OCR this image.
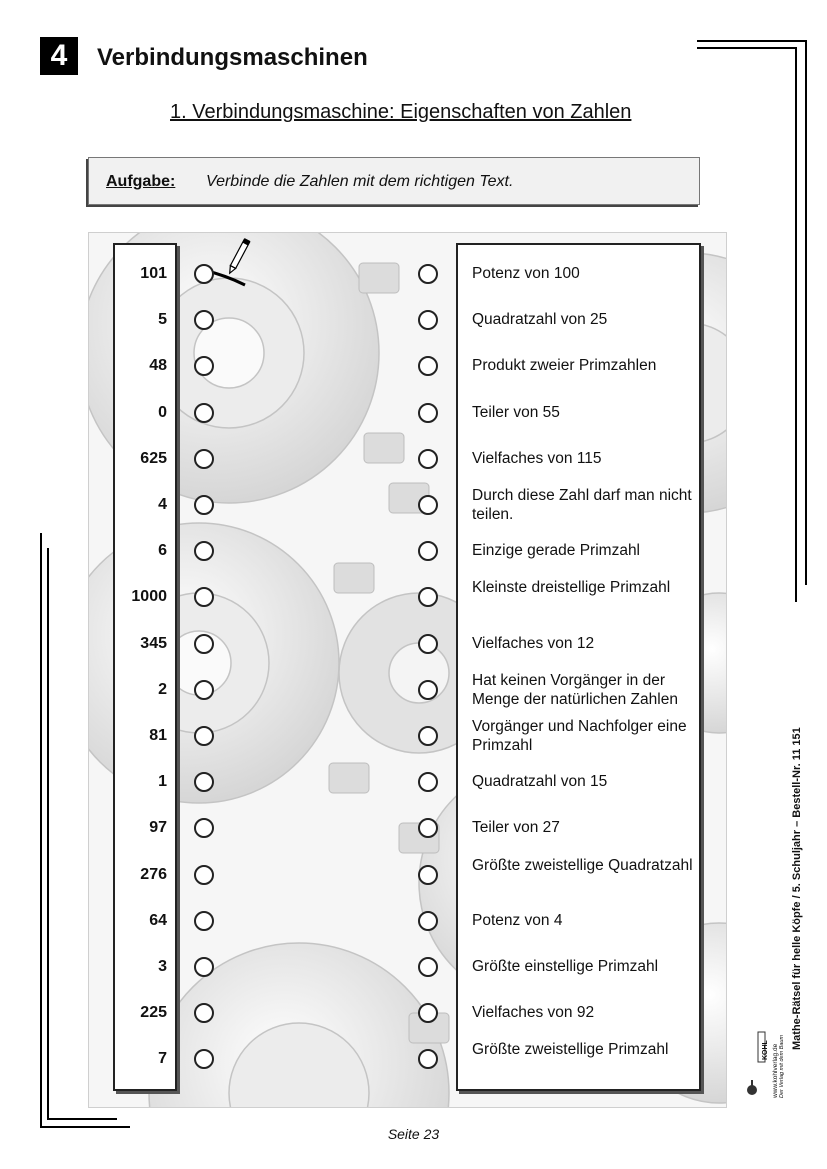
4	Verbindungsmaschinen
1. Verbindungsmaschine: Eigenschaften von Zahlen
Aufgabe: Verbinde die Zahlen mit dem richtigen Text.
101
5
48
0
625
4
6
1000
345
2
81
1
97
276
64
3
225
7
Potenz von 100
Quadratzahl von 25
Produkt zweier Primzahlen
Teiler von 55
Vielfaches von 115
Durch diese Zahl darf man nicht teilen.
Einzige gerade Primzahl
Kleinste dreistellige Primzahl
Vielfaches von 12
Hat keinen Vorgänger in der Menge der natürlichen Zahlen
Vorgänger und Nachfolger eine Primzahl
Quadratzahl von 15
Teiler von 27
Größte zweistellige Quadratzahl
Potenz von 4
Größte einstellige Primzahl
Vielfaches von 92
Größte zweistellige Primzahl	Mathe-Rätsel für helle Köpfe / 5. Schuljahr – Bestell-Nr. 11 151
www.kohlverlag.de
KOHL Der Verlag mit dem Baum
Seite 23
